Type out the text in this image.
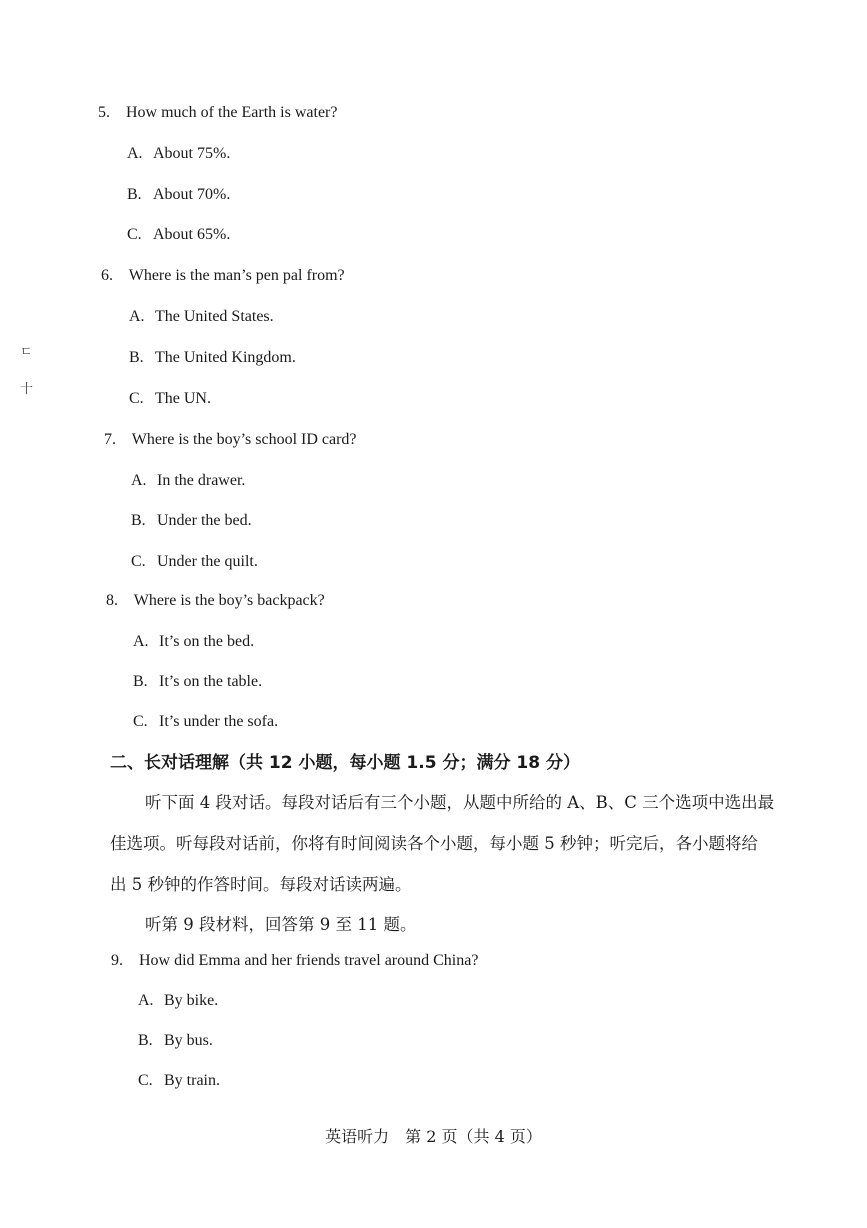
ㄷ
十
5. How much of the Earth is water?
A. About 75%.
B. About 70%.
C. About 65%.
6. Where is the man’s pen pal from?
A. The United States.
B. The United Kingdom.
C. The UN.
7. Where is the boy’s school ID card?
A. In the drawer.
B. Under the bed.
C. Under the quilt.
8. Where is the boy’s backpack?
A. It’s on the bed.
B. It’s on the table.
C. It’s under the sofa.
二、长对话理解（共 12 小题，每小题 1.5 分；满分 18 分）
听下面 4 段对话。每段对话后有三个小题，从题中所给的 A、B、C 三个选项中选出最
佳选项。听每段对话前，你将有时间阅读各个小题，每小题 5 秒钟；听完后，各小题将给
出 5 秒钟的作答时间。每段对话读两遍。
听第 9 段材料，回答第 9 至 11 题。
9. How did Emma and her friends travel around China?
A. By bike.
B. By bus.
C. By train.
英语听力　第 2 页（共 4 页）
